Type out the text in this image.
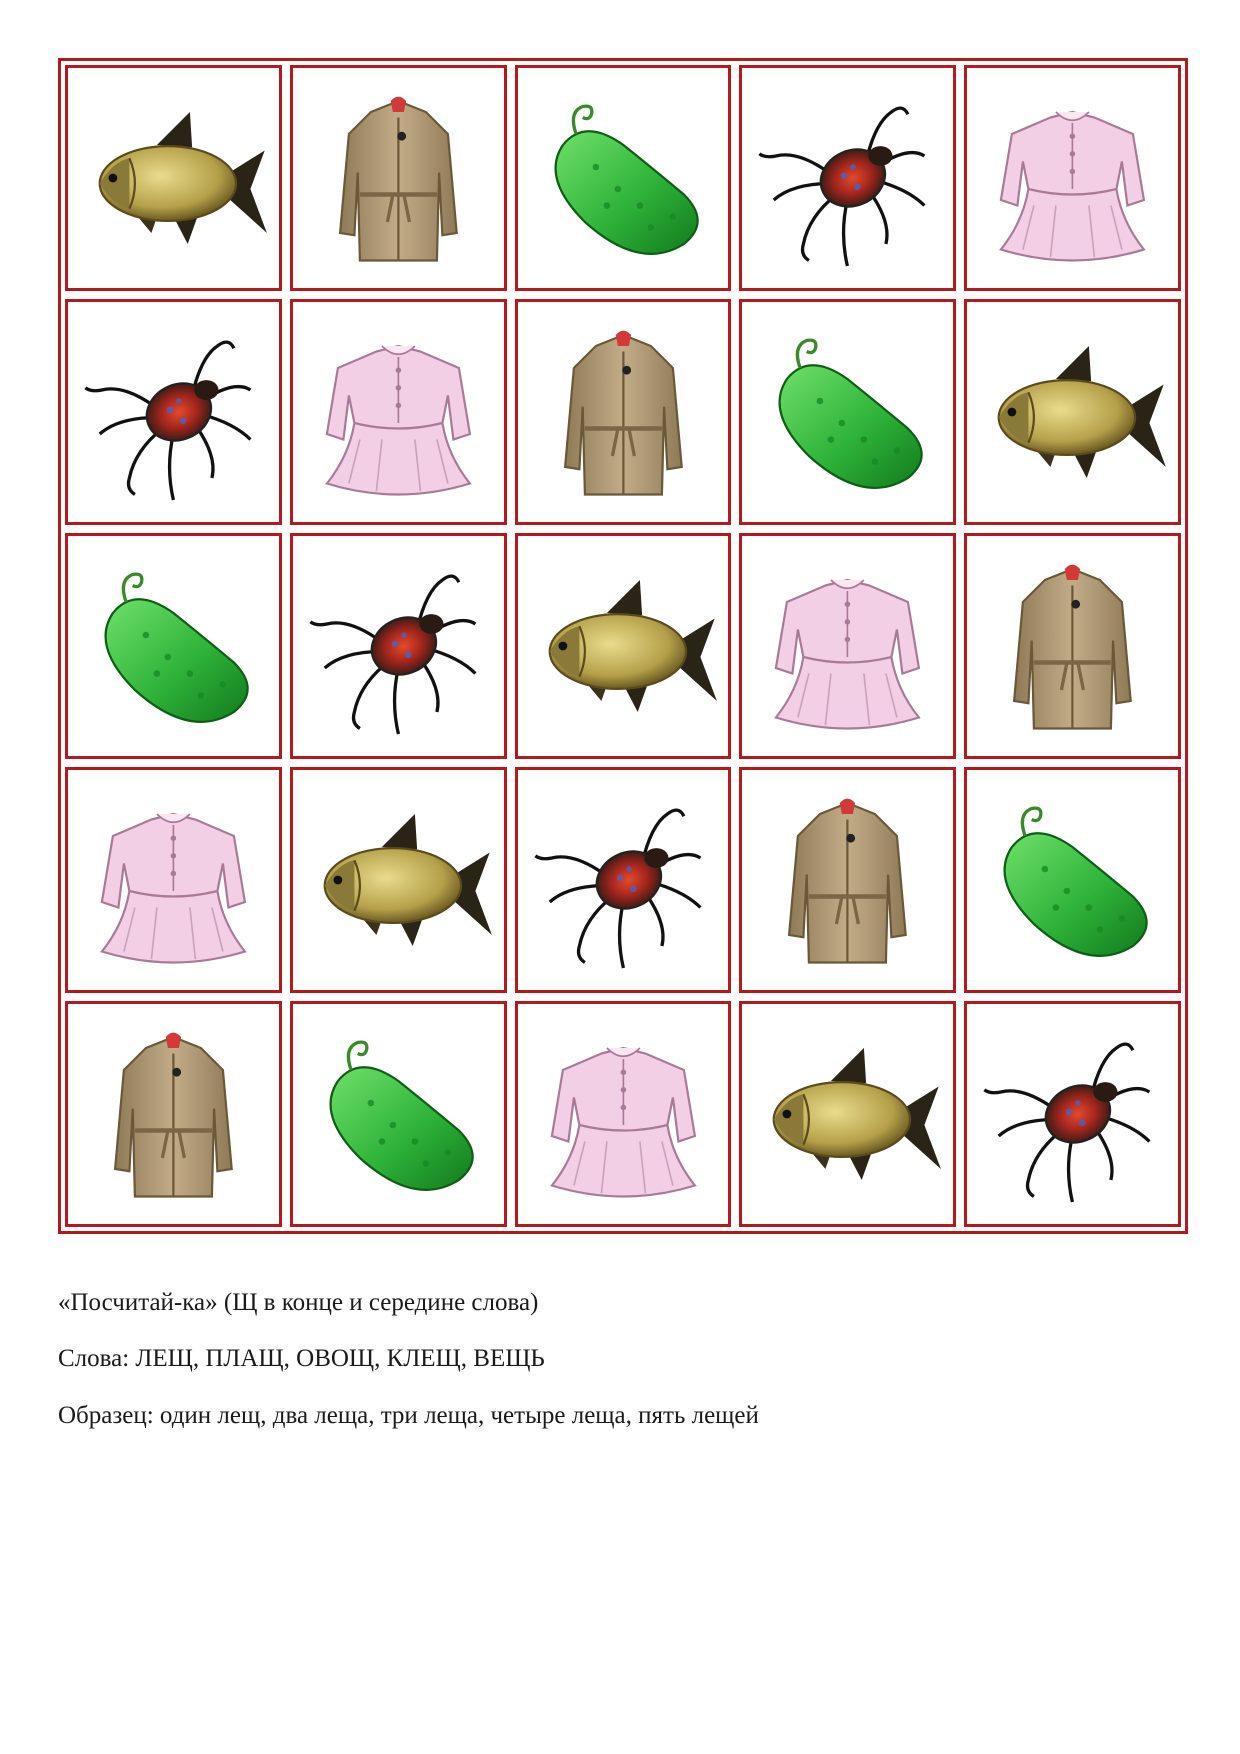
«Посчитай-ка» (Щ в конце и середине слова)
Слова: ЛЕЩ, ПЛАЩ, ОВОЩ, КЛЕЩ, ВЕЩЬ
Образец: один лещ, два леща, три леща, четыре леща, пять лещей
